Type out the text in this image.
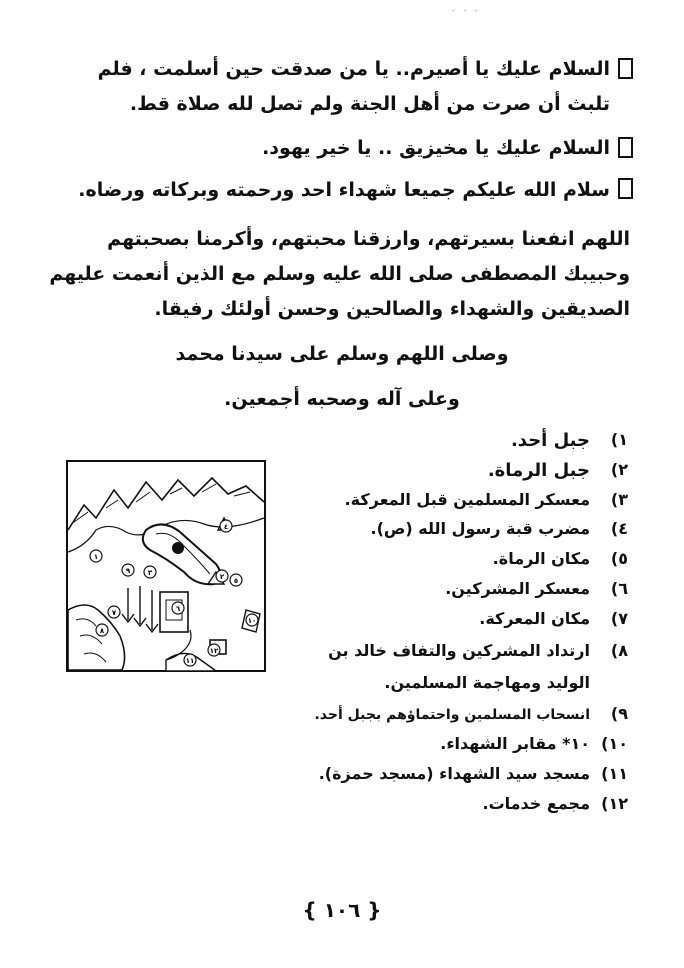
- - -
السلام عليك يا أصيرم.. يا من صدقت حين أسلمت ، فلم
تلبث أن صرت من أهل الجنة ولم تصل لله صلاة قط.
السلام عليك يا مخيزيق .. يا خير يهود.
سلام الله عليكم جميعا شهداء احد ورحمته وبركاته ورضاه.
اللهم انفعنا بسيرتهم، وارزقنا محبتهم، وأكرمنا بصحبتهم
وحبيبك المصطفى صلى الله عليه وسلم مع الذين أنعمت عليهم
الصديقين والشهداء والصالحين وحسن أولئك رفيقا.
وصلى اللهم وسلم على سيدنا محمد
وعلى آله وصحبه أجمعين.
١)
جبل أحد.
٢)
جبل الرماة.
٣)
معسكر المسلمين قبل المعركة.
٤)
مضرب قبة رسول الله (ص).
٥)
مكان الرماة.
٦)
معسكر المشركين.
٧)
مكان المعركة.
٨)
ارتداد المشركين والتفاف خالد بن
الوليد ومهاجمة المسلمين.
٩)
انسحاب المسلمين واحتماؤهم بجبل أحد.
١٠)
١٠* مقابر الشهداء.
١١)
مسجد سيد الشهداء (مسجد حمزة).
١٢)
مجمع خدمات.
١
٢
٣
٤
٥
٦
٧
٨
٩
١٠
١١
١٢
{ ١٠٦ }
